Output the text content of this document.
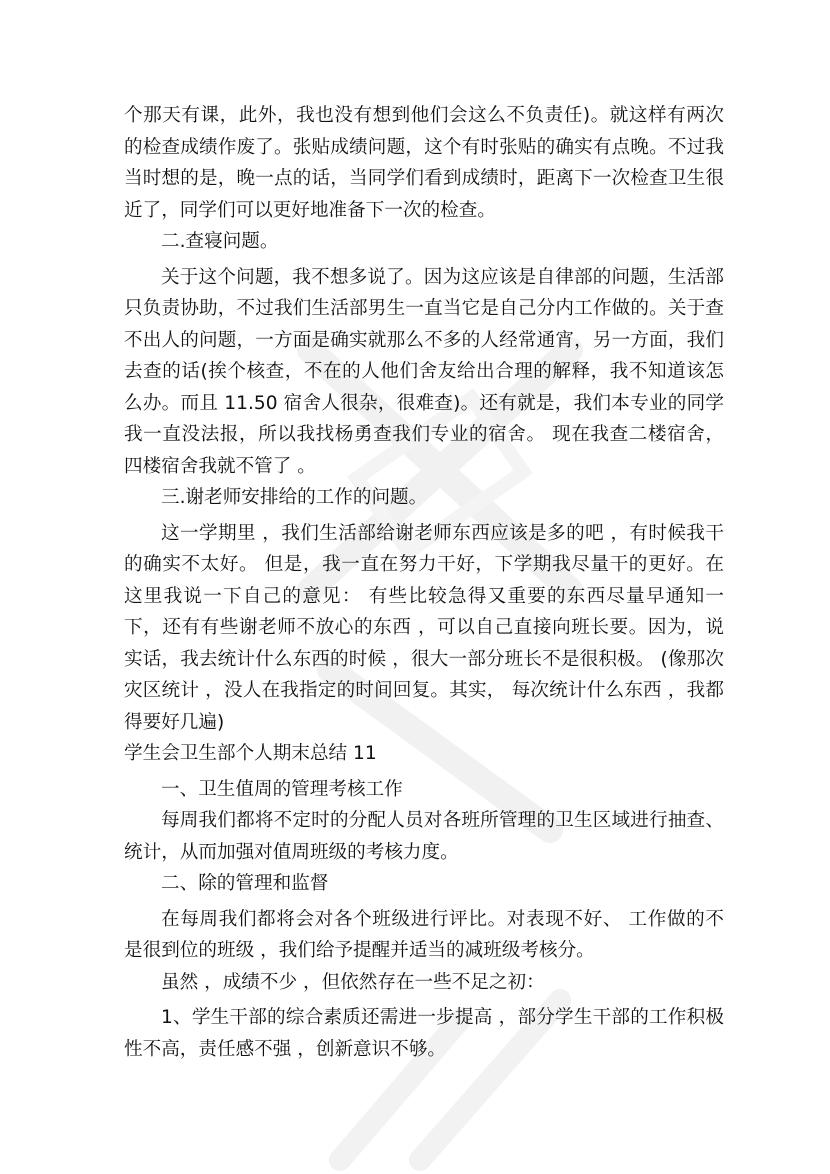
个那天有课，此外，我也没有想到他们会这么不负责任)。就这样有两次的检查成绩作废了。张贴成绩问题，这个有时张贴的确实有点晚。不过我当时想的是，晚一点的话，当同学们看到成绩时，距离下一次检查卫生很近了，同学们可以更好地准备下一次的检查。

二.查寝问题。

关于这个问题，我不想多说了。因为这应该是自律部的问题，生活部只负责协助，不过我们生活部男生一直当它是自己分内工作做的。关于查不出人的问题，一方面是确实就那么不多的人经常通宵，另一方面，我们去查的话(挨个核查，不在的人他们舍友给出合理的解释，我不知道该怎么办。而且 11.50 宿舍人很杂，很难查)。还有就是，我们本专业的同学我一直没法报，所以我找杨勇查我们专业的宿舍。 现在我查二楼宿舍， 四楼宿舍我就不管了 。

三.谢老师安排给的工作的问题。

这一学期里 ，我们生活部给谢老师东西应该是多的吧 ，有时候我干的确实不太好。 但是，我一直在努力干好，下学期我尽量干的更好。在这里我说一下自己的意见： 有些比较急得又重要的东西尽量早通知一下，还有有些谢老师不放心的东西 ，可以自己直接向班长要。因为，说实话，我去统计什么东西的时候 ，很大一部分班长不是很积极。 (像那次灾区统计 ，没人在我指定的时间回复。其实， 每次统计什么东西 ，我都得要好几遍)

学生会卫生部个人期末总结 11

一、卫生值周的管理考核工作

每周我们都将不定时的分配人员对各班所管理的卫生区域进行抽查、统计，从而加强对值周班级的考核力度。

二、除的管理和监督

在每周我们都将会对各个班级进行评比。对表现不好、 工作做的不是很到位的班级 ，我们给予提醒并适当的减班级考核分。

虽然 ，成绩不少 ，但依然存在一些不足之初：

1、学生干部的综合素质还需进一步提高 ，部分学生干部的工作积极性不高，责任感不强 ，创新意识不够。
